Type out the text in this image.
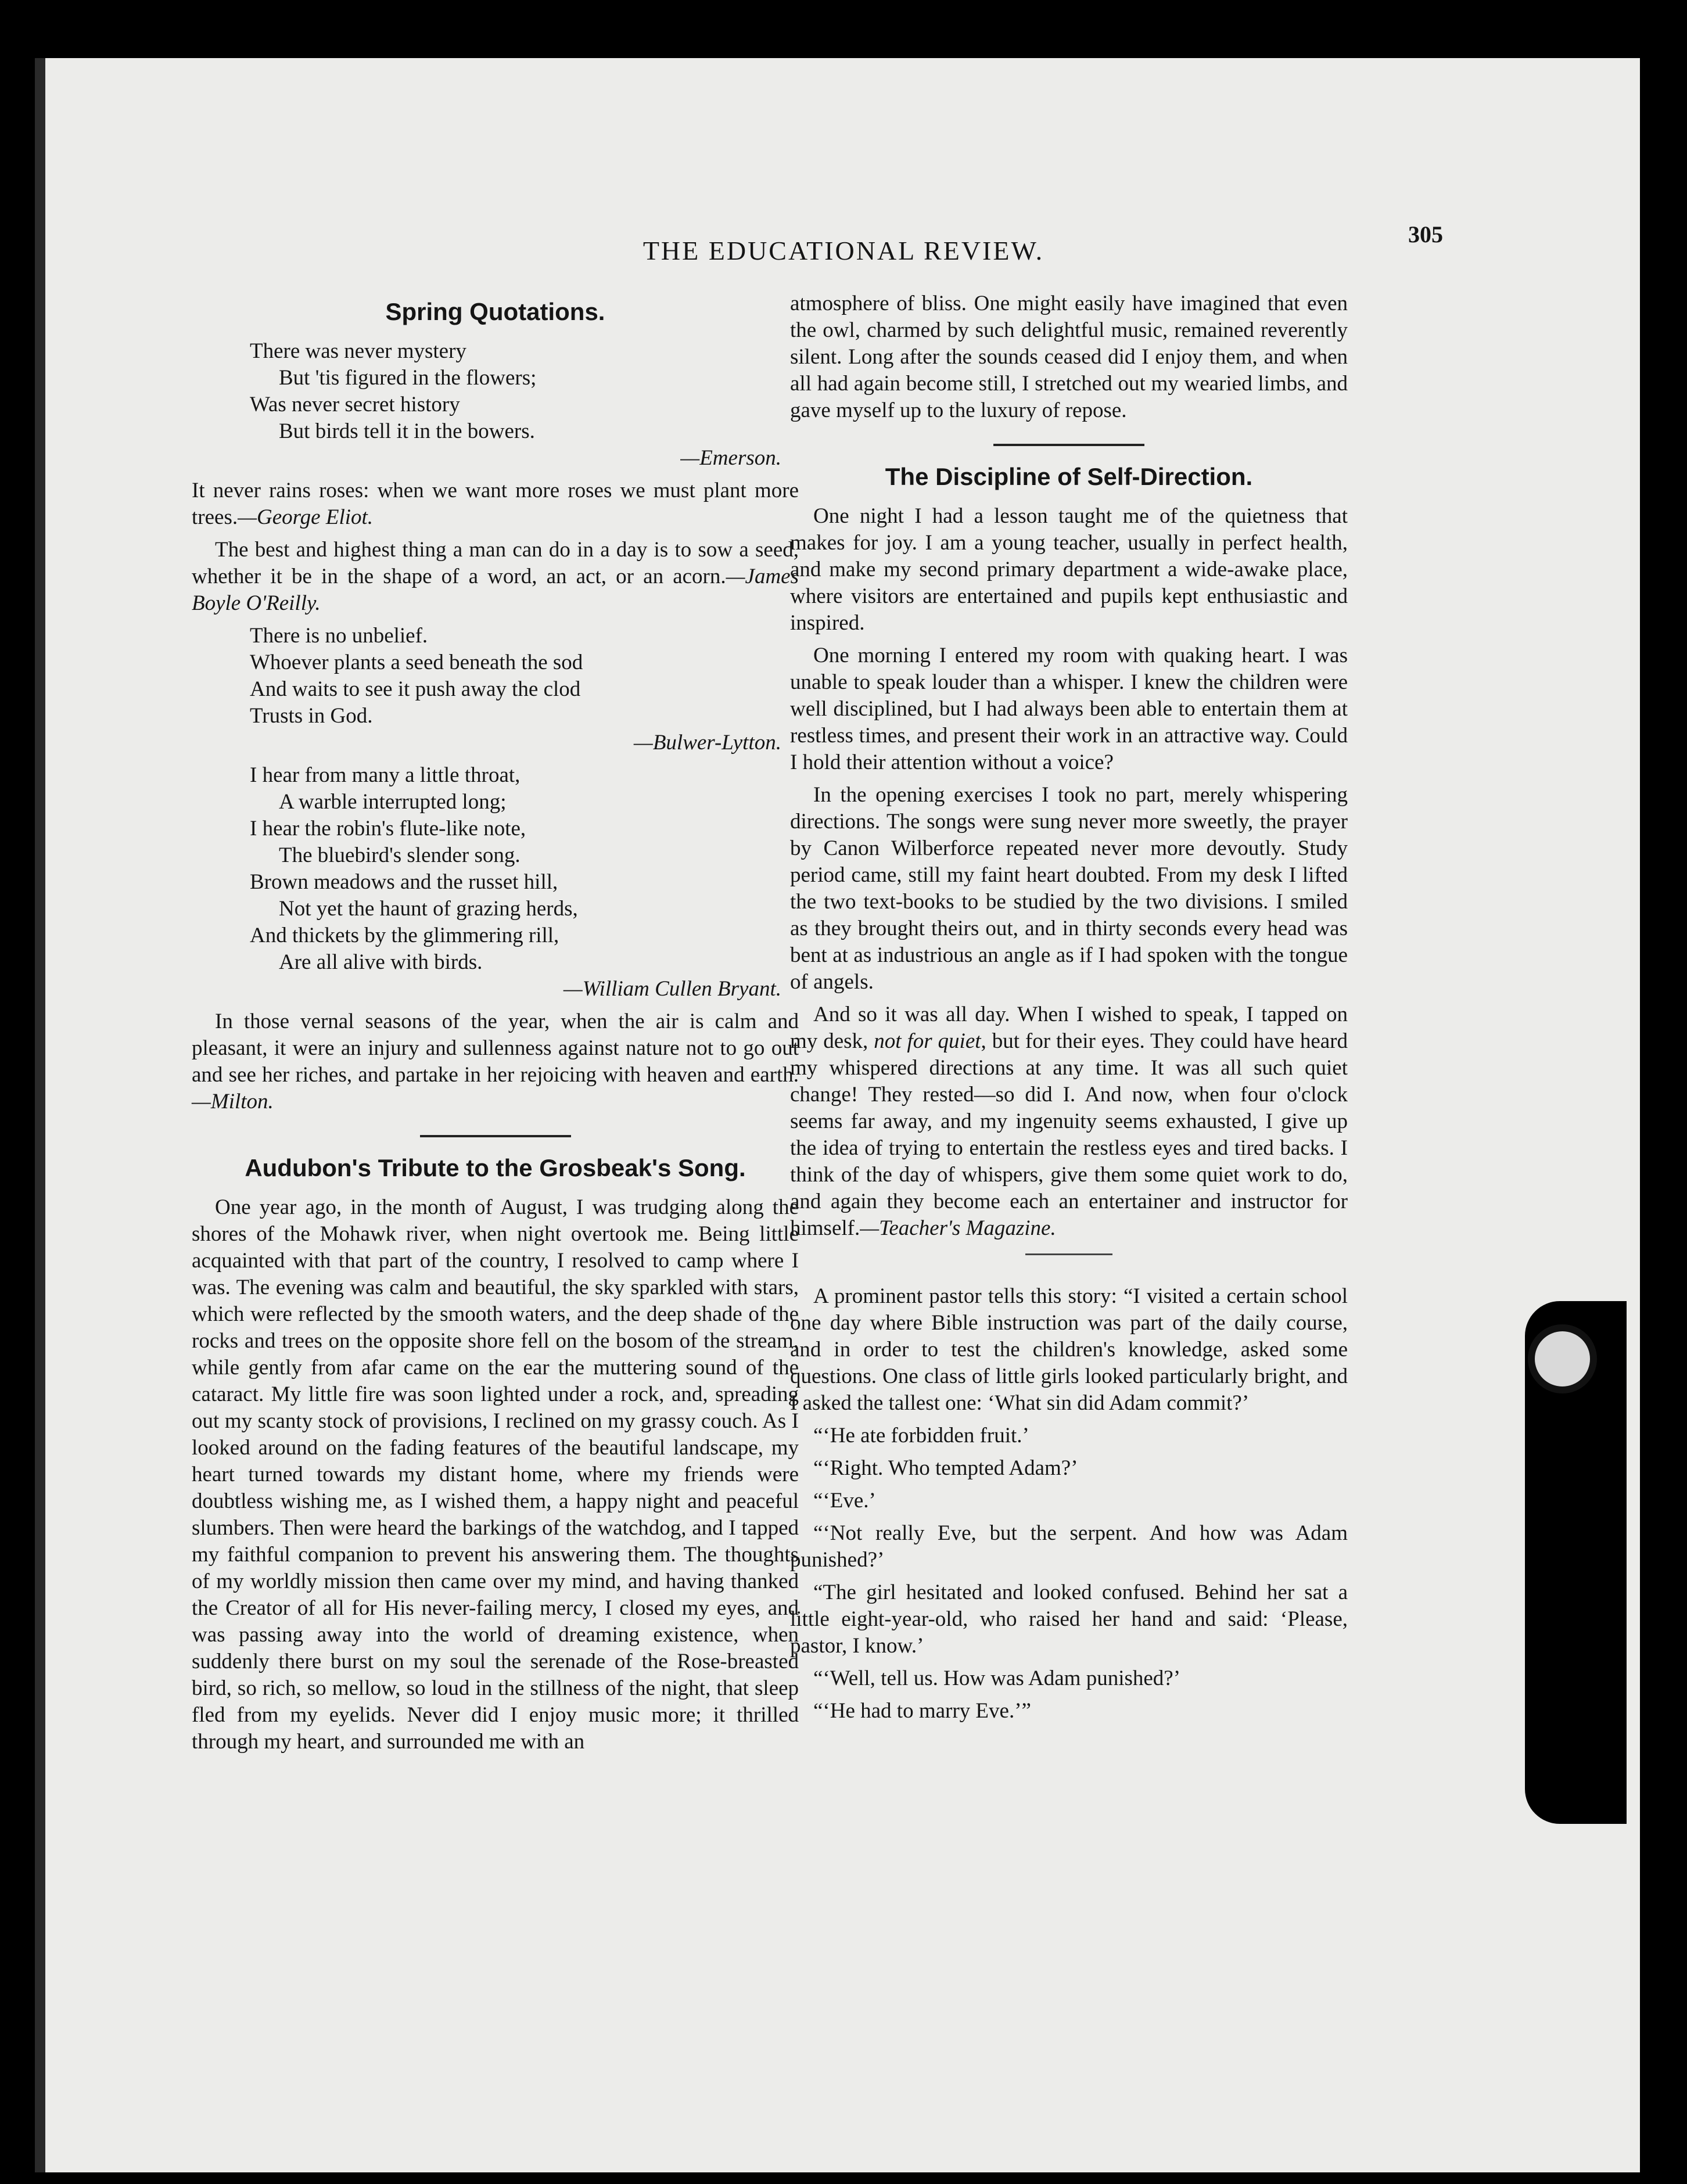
THE EDUCATIONAL REVIEW.
305
Spring Quotations.
There was never mystery
But 'tis figured in the flowers;
Was never secret history
But birds tell it in the bowers.
—Emerson.

It never rains roses: when we want more roses we must plant more trees.—George Eliot.

The best and highest thing a man can do in a day is to sow a seed, whether it be in the shape of a word, an act, or an acorn.—James Boyle O'Reilly.

There is no unbelief.
Whoever plants a seed beneath the sod
And waits to see it push away the clod
Trusts in God.
—Bulwer-Lytton.
I hear from many a little throat,
A warble interrupted long;
I hear the robin's flute-like note,
The bluebird's slender song.
Brown meadows and the russet hill,
Not yet the haunt of grazing herds,
And thickets by the glimmering rill,
Are all alive with birds.
—William Cullen Bryant.

In those vernal seasons of the year, when the air is calm and pleasant, it were an injury and sullenness against nature not to go out and see her riches, and partake in her rejoicing with heaven and earth.—Milton.

Audubon's Tribute to the Grosbeak's Song.

One year ago, in the month of August, I was trudging along the shores of the Mohawk river, when night overtook me. Being little acquainted with that part of the country, I resolved to camp where I was. The evening was calm and beautiful, the sky sparkled with stars, which were reflected by the smooth waters, and the deep shade of the rocks and trees on the opposite shore fell on the bosom of the stream, while gently from afar came on the ear the muttering sound of the cataract. My little fire was soon lighted under a rock, and, spreading out my scanty stock of provisions, I reclined on my grassy couch. As I looked around on the fading features of the beautiful landscape, my heart turned towards my distant home, where my friends were doubtless wishing me, as I wished them, a happy night and peaceful slumbers. Then were heard the barkings of the watchdog, and I tapped my faithful companion to prevent his answering them. The thoughts of my worldly mission then came over my mind, and having thanked the Creator of all for His never-failing mercy, I closed my eyes, and was passing away into the world of dreaming existence, when suddenly there burst on my soul the serenade of the Rose-breasted bird, so rich, so mellow, so loud in the stillness of the night, that sleep fled from my eyelids. Never did I enjoy music more; it thrilled through my heart, and surrounded me with an

atmosphere of bliss. One might easily have imagined that even the owl, charmed by such delightful music, remained reverently silent. Long after the sounds ceased did I enjoy them, and when all had again become still, I stretched out my wearied limbs, and gave myself up to the luxury of repose.

The Discipline of Self-Direction.

One night I had a lesson taught me of the quietness that makes for joy. I am a young teacher, usually in perfect health, and make my second primary department a wide-awake place, where visitors are entertained and pupils kept enthusiastic and inspired.

One morning I entered my room with quaking heart. I was unable to speak louder than a whisper. I knew the children were well disciplined, but I had always been able to entertain them at restless times, and present their work in an attractive way. Could I hold their attention without a voice?

In the opening exercises I took no part, merely whispering directions. The songs were sung never more sweetly, the prayer by Canon Wilberforce repeated never more devoutly. Study period came, still my faint heart doubted. From my desk I lifted the two text-books to be studied by the two divisions. I smiled as they brought theirs out, and in thirty seconds every head was bent at as industrious an angle as if I had spoken with the tongue of angels.

And so it was all day. When I wished to speak, I tapped on my desk, not for quiet, but for their eyes. They could have heard my whispered directions at any time. It was all such quiet change! They rested—so did I. And now, when four o'clock seems far away, and my ingenuity seems exhausted, I give up the idea of trying to entertain the restless eyes and tired backs. I think of the day of whispers, give them some quiet work to do, and again they become each an entertainer and instructor for himself.—Teacher's Magazine.

A prominent pastor tells this story: “I visited a certain school one day where Bible instruction was part of the daily course, and in order to test the children's knowledge, asked some questions. One class of little girls looked particularly bright, and I asked the tallest one: ‘What sin did Adam commit?’

“‘He ate forbidden fruit.’

“‘Right. Who tempted Adam?’

“‘Eve.’

“‘Not really Eve, but the serpent. And how was Adam punished?’

“The girl hesitated and looked confused. Behind her sat a little eight-year-old, who raised her hand and said: ‘Please, pastor, I know.’

“‘Well, tell us. How was Adam punished?’

“‘He had to marry Eve.’”
